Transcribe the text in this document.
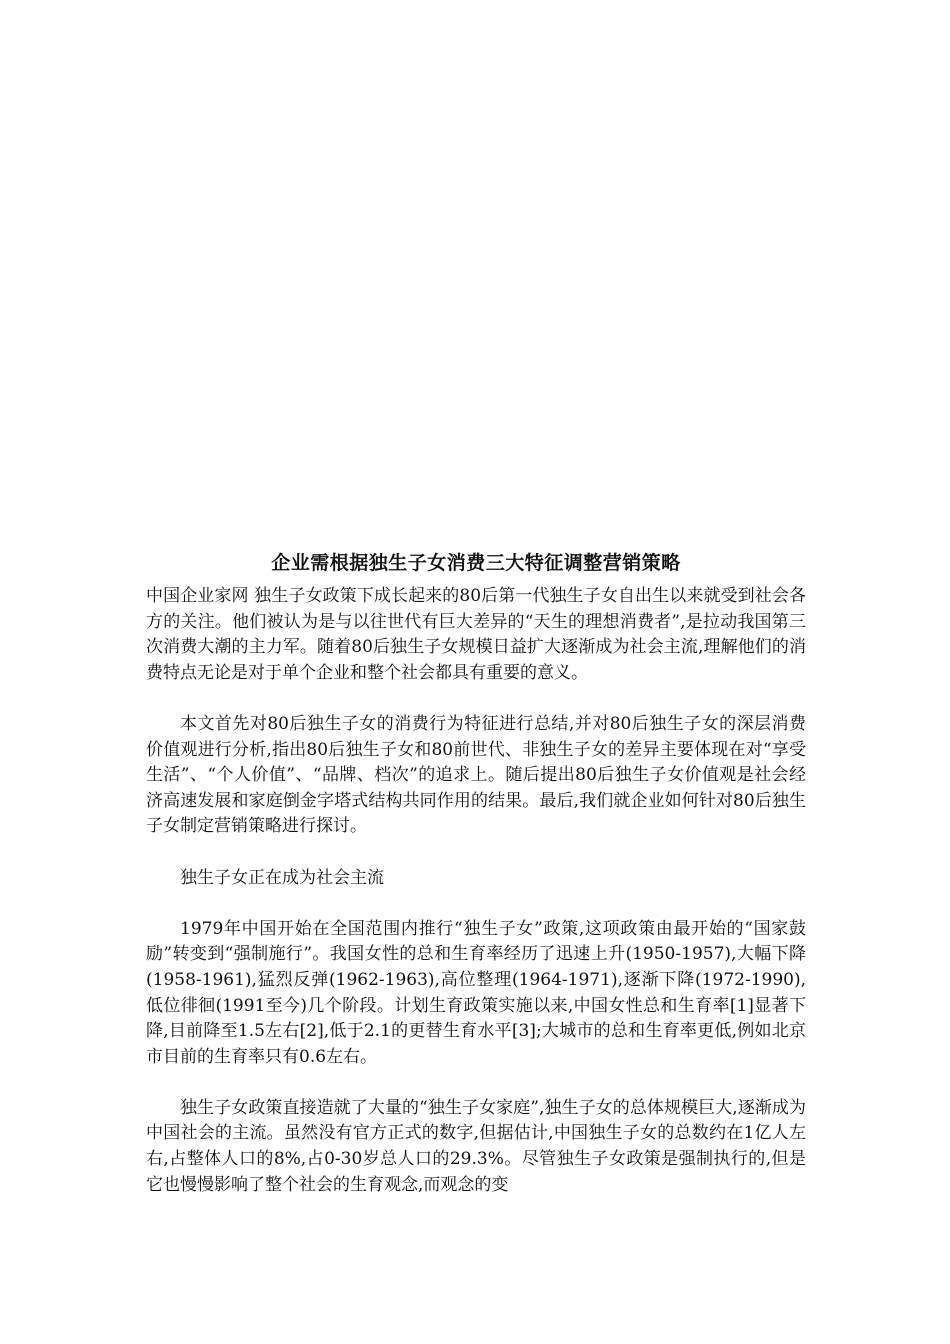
企业需根据独生子女消费三大特征调整营销策略

中国企业家网 独生子女政策下成长起来的80后第一代独生子女自出生以来就受到社会各方的关注。他们被认为是与以往世代有巨大差异的“天生的理想消费者”,是拉动我国第三次消费大潮的主力军。随着80后独生子女规模日益扩大逐渐成为社会主流,理解他们的消费特点无论是对于单个企业和整个社会都具有重要的意义。

本文首先对80后独生子女的消费行为特征进行总结,并对80后独生子女的深层消费价值观进行分析,指出80后独生子女和80前世代、非独生子女的差异主要体现在对“享受生活”、“个人价值”、“品牌、档次”的追求上。随后提出80后独生子女价值观是社会经济高速发展和家庭倒金字塔式结构共同作用的结果。最后,我们就企业如何针对80后独生子女制定营销策略进行探讨。

独生子女正在成为社会主流

1979年中国开始在全国范围内推行“独生子女”政策,这项政策由最开始的“国家鼓励”转变到“强制施行”。我国女性的总和生育率经历了迅速上升(1950-1957),大幅下降(1958-1961),猛烈反弹(1962-1963),高位整理(1964-1971),逐渐下降(1972-1990),低位徘徊(1991至今)几个阶段。计划生育政策实施以来,中国女性总和生育率[1]显著下降,目前降至1.5左右[2],低于2.1的更替生育水平[3];大城市的总和生育率更低,例如北京市目前的生育率只有0.6左右。

独生子女政策直接造就了大量的“独生子女家庭”,独生子女的总体规模巨大,逐渐成为中国社会的主流。虽然没有官方正式的数字,但据估计,中国独生子女的总数约在1亿人左右,占整体人口的8%,占0-30岁总人口的29.3%。尽管独生子女政策是强制执行的,但是它也慢慢影响了整个社会的生育观念,而观念的变
